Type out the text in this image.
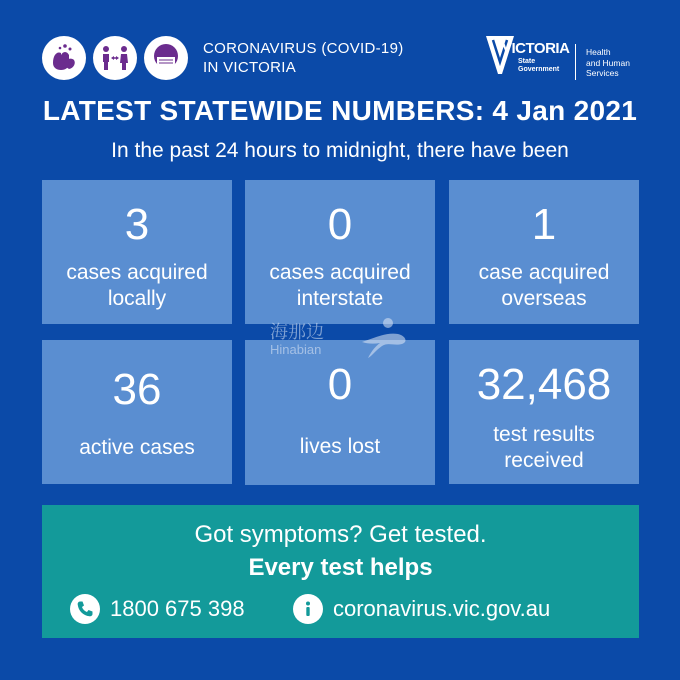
CORONAVIRUS (COVID-19)
IN VICTORIA
VICTORIA
State
Government
Health
and Human
Services
LATEST STATEWIDE NUMBERS: 4 Jan 2021
In the past 24 hours to midnight, there have been
3
cases acquired
locally
0
cases acquired
interstate
1
case acquired
overseas
36
active cases
0
lives lost
32,468
test results
received
海那边
Hinabian
Got symptoms? Get tested.
Every test helps
1800 675 398	coronavirus.vic.gov.au
